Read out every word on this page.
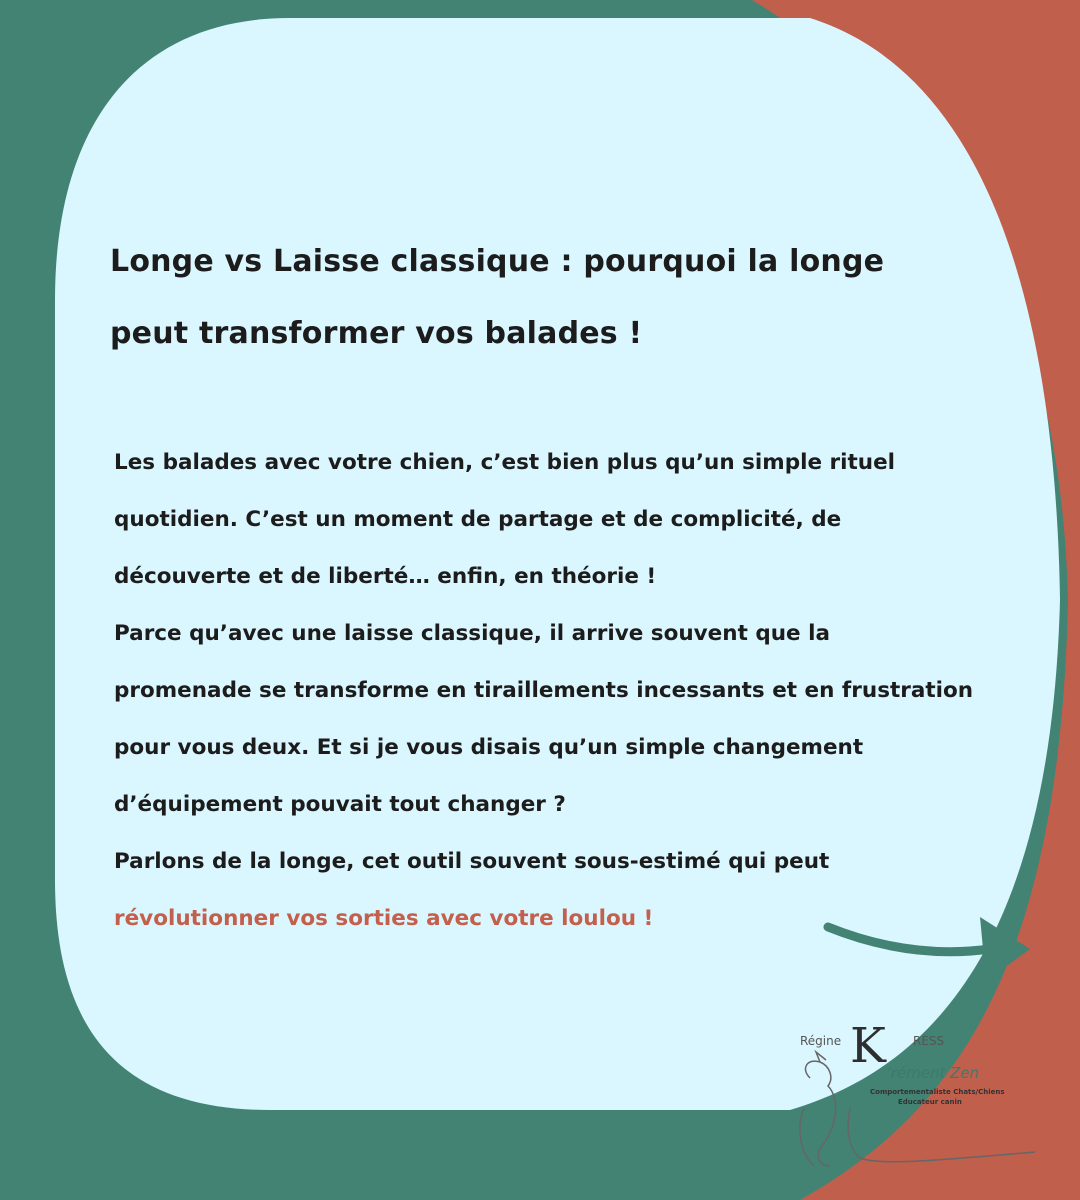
Longe vs Laisse classique : pourquoi la longe
peut transformer vos balades !

Les balades avec votre chien, c’est bien plus qu’un simple rituel quotidien. C’est un moment de partage et de complicité, de découverte et de liberté… enfin, en théorie !

Parce qu’avec une laisse classique, il arrive souvent que la promenade se transforme en tiraillements incessants et en frustration pour vous deux. Et si je vous disais qu’un simple changement d’équipement pouvait tout changer ?

Parlons de la longe, cet outil souvent sous-estimé qui peut
révolutionner vos sorties avec votre loulou !

Régine K RESS
’rément Zen
Comportementaliste Chats/Chiens
Educateur canin
